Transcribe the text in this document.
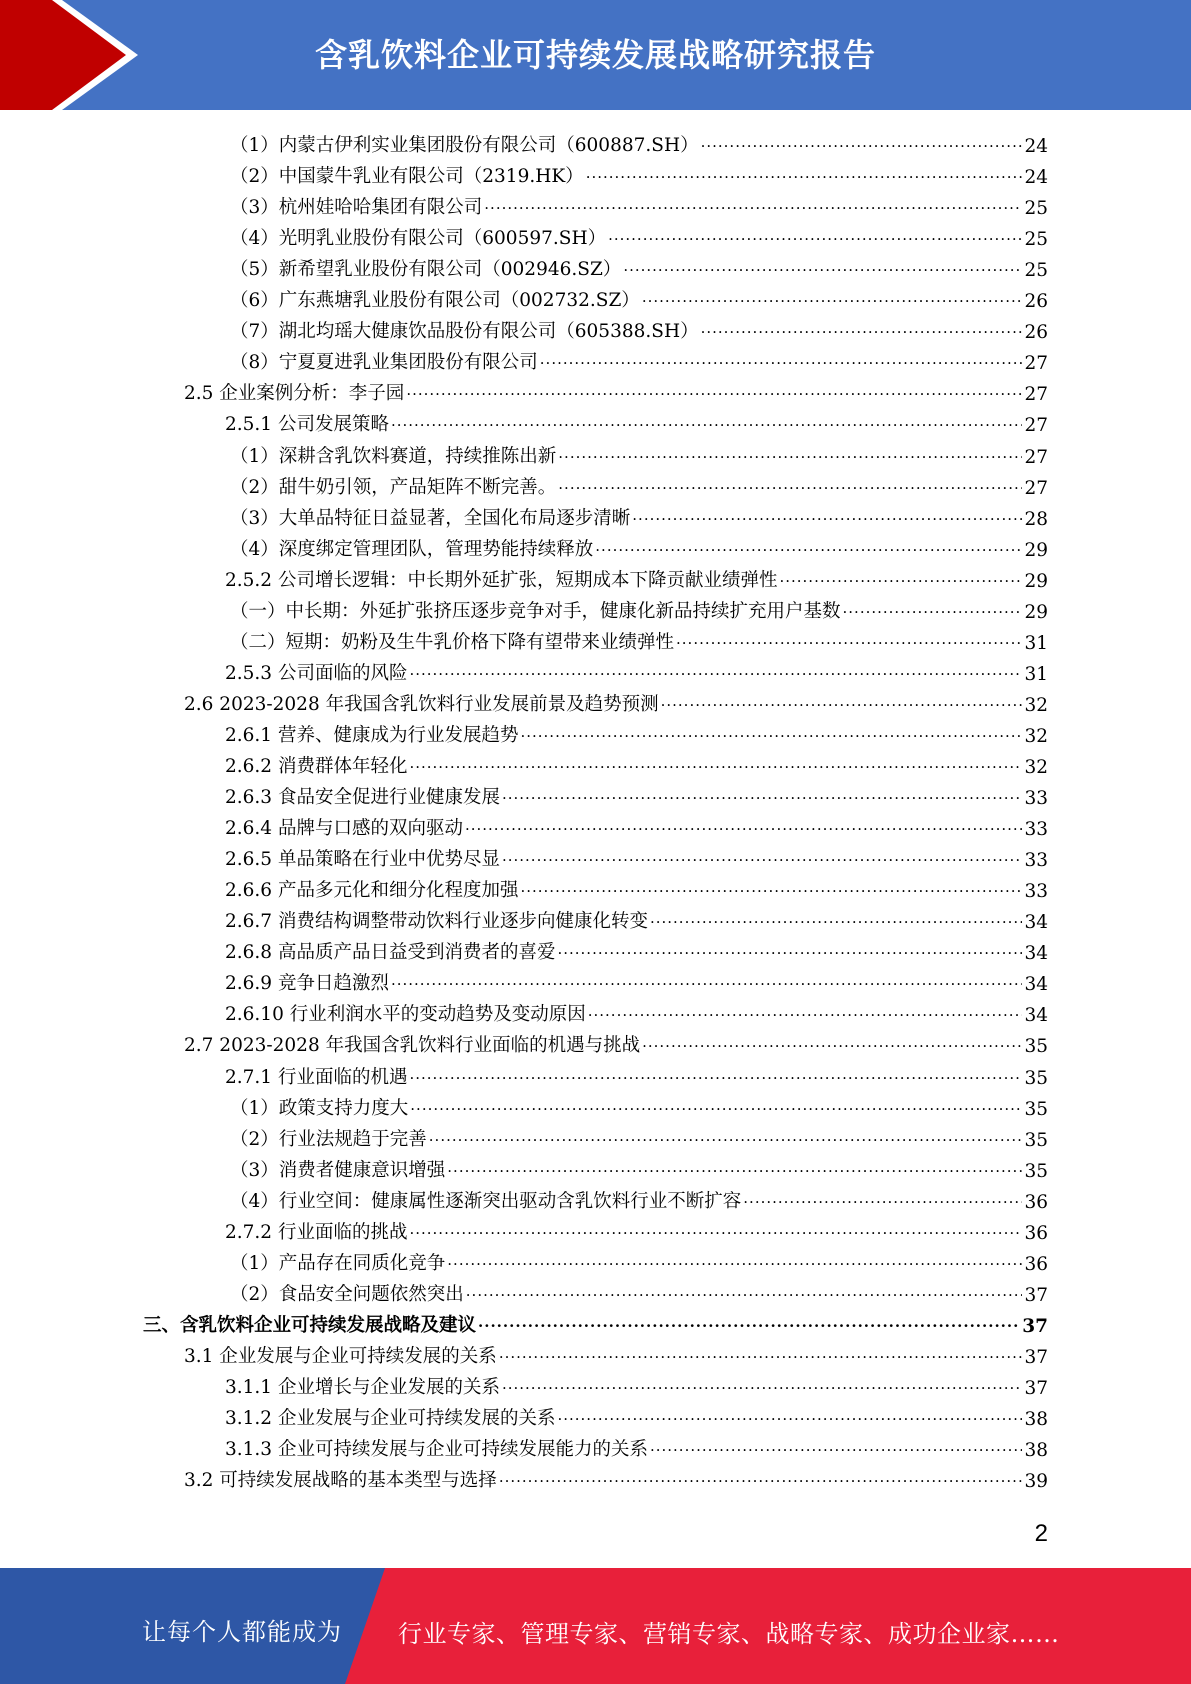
含乳饮料企业可持续发展战略研究报告
（1）内蒙古伊利实业集团股份有限公司（600887.SH） .....	24
（2）中国蒙牛乳业有限公司（2319.HK） .....	24
（3）杭州娃哈哈集团有限公司 .....	25
（4）光明乳业股份有限公司（600597.SH） .....	25
（5）新希望乳业股份有限公司（002946.SZ） .....	25
（6）广东燕塘乳业股份有限公司（002732.SZ） .....	26
（7）湖北均瑶大健康饮品股份有限公司（605388.SH） .....	26
（8）宁夏夏进乳业集团股份有限公司 .....	27
2.5 企业案例分析：李子园 .....	27
2.5.1 公司发展策略 .....	27
（1）深耕含乳饮料赛道，持续推陈出新 .....	27
（2）甜牛奶引领，产品矩阵不断完善。 .....	27
（3）大单品特征日益显著，全国化布局逐步清晰 .....	28
（4）深度绑定管理团队，管理势能持续释放 .....	29
2.5.2 公司增长逻辑：中长期外延扩张，短期成本下降贡献业绩弹性 .....	29
（一）中长期：外延扩张挤压逐步竞争对手，健康化新品持续扩充用户基数 .....	29
（二）短期：奶粉及生牛乳价格下降有望带来业绩弹性 .....	31
2.5.3 公司面临的风险 .....	31
2.6 2023-2028 年我国含乳饮料行业发展前景及趋势预测 .....	32
2.6.1 营养、健康成为行业发展趋势 .....	32
2.6.2 消费群体年轻化 .....	32
2.6.3 食品安全促进行业健康发展 .....	33
2.6.4 品牌与口感的双向驱动 .....	33
2.6.5 单品策略在行业中优势尽显 .....	33
2.6.6 产品多元化和细分化程度加强 .....	33
2.6.7 消费结构调整带动饮料行业逐步向健康化转变 .....	34
2.6.8 高品质产品日益受到消费者的喜爱 .....	34
2.6.9 竞争日趋激烈 .....	34
2.6.10 行业利润水平的变动趋势及变动原因 .....	34
2.7 2023-2028 年我国含乳饮料行业面临的机遇与挑战 .....	35
2.7.1 行业面临的机遇 .....	35
（1）政策支持力度大 .....	35
（2）行业法规趋于完善 .....	35
（3）消费者健康意识增强 .....	35
（4）行业空间：健康属性逐渐突出驱动含乳饮料行业不断扩容 .....	36
2.7.2 行业面临的挑战 .....	36
（1）产品存在同质化竞争 .....	36
（2）食品安全问题依然突出 .....	37
三、含乳饮料企业可持续发展战略及建议 .....	37
3.1 企业发展与企业可持续发展的关系 .....	37
3.1.1 企业增长与企业发展的关系 .....	37
3.1.2 企业发展与企业可持续发展的关系 .....	38
3.1.3 企业可持续发展与企业可持续发展能力的关系 .....	38
3.2 可持续发展战略的基本类型与选择 .....	39
2
让每个人都能成为 行业专家、管理专家、营销专家、战略专家、成功企业家……
